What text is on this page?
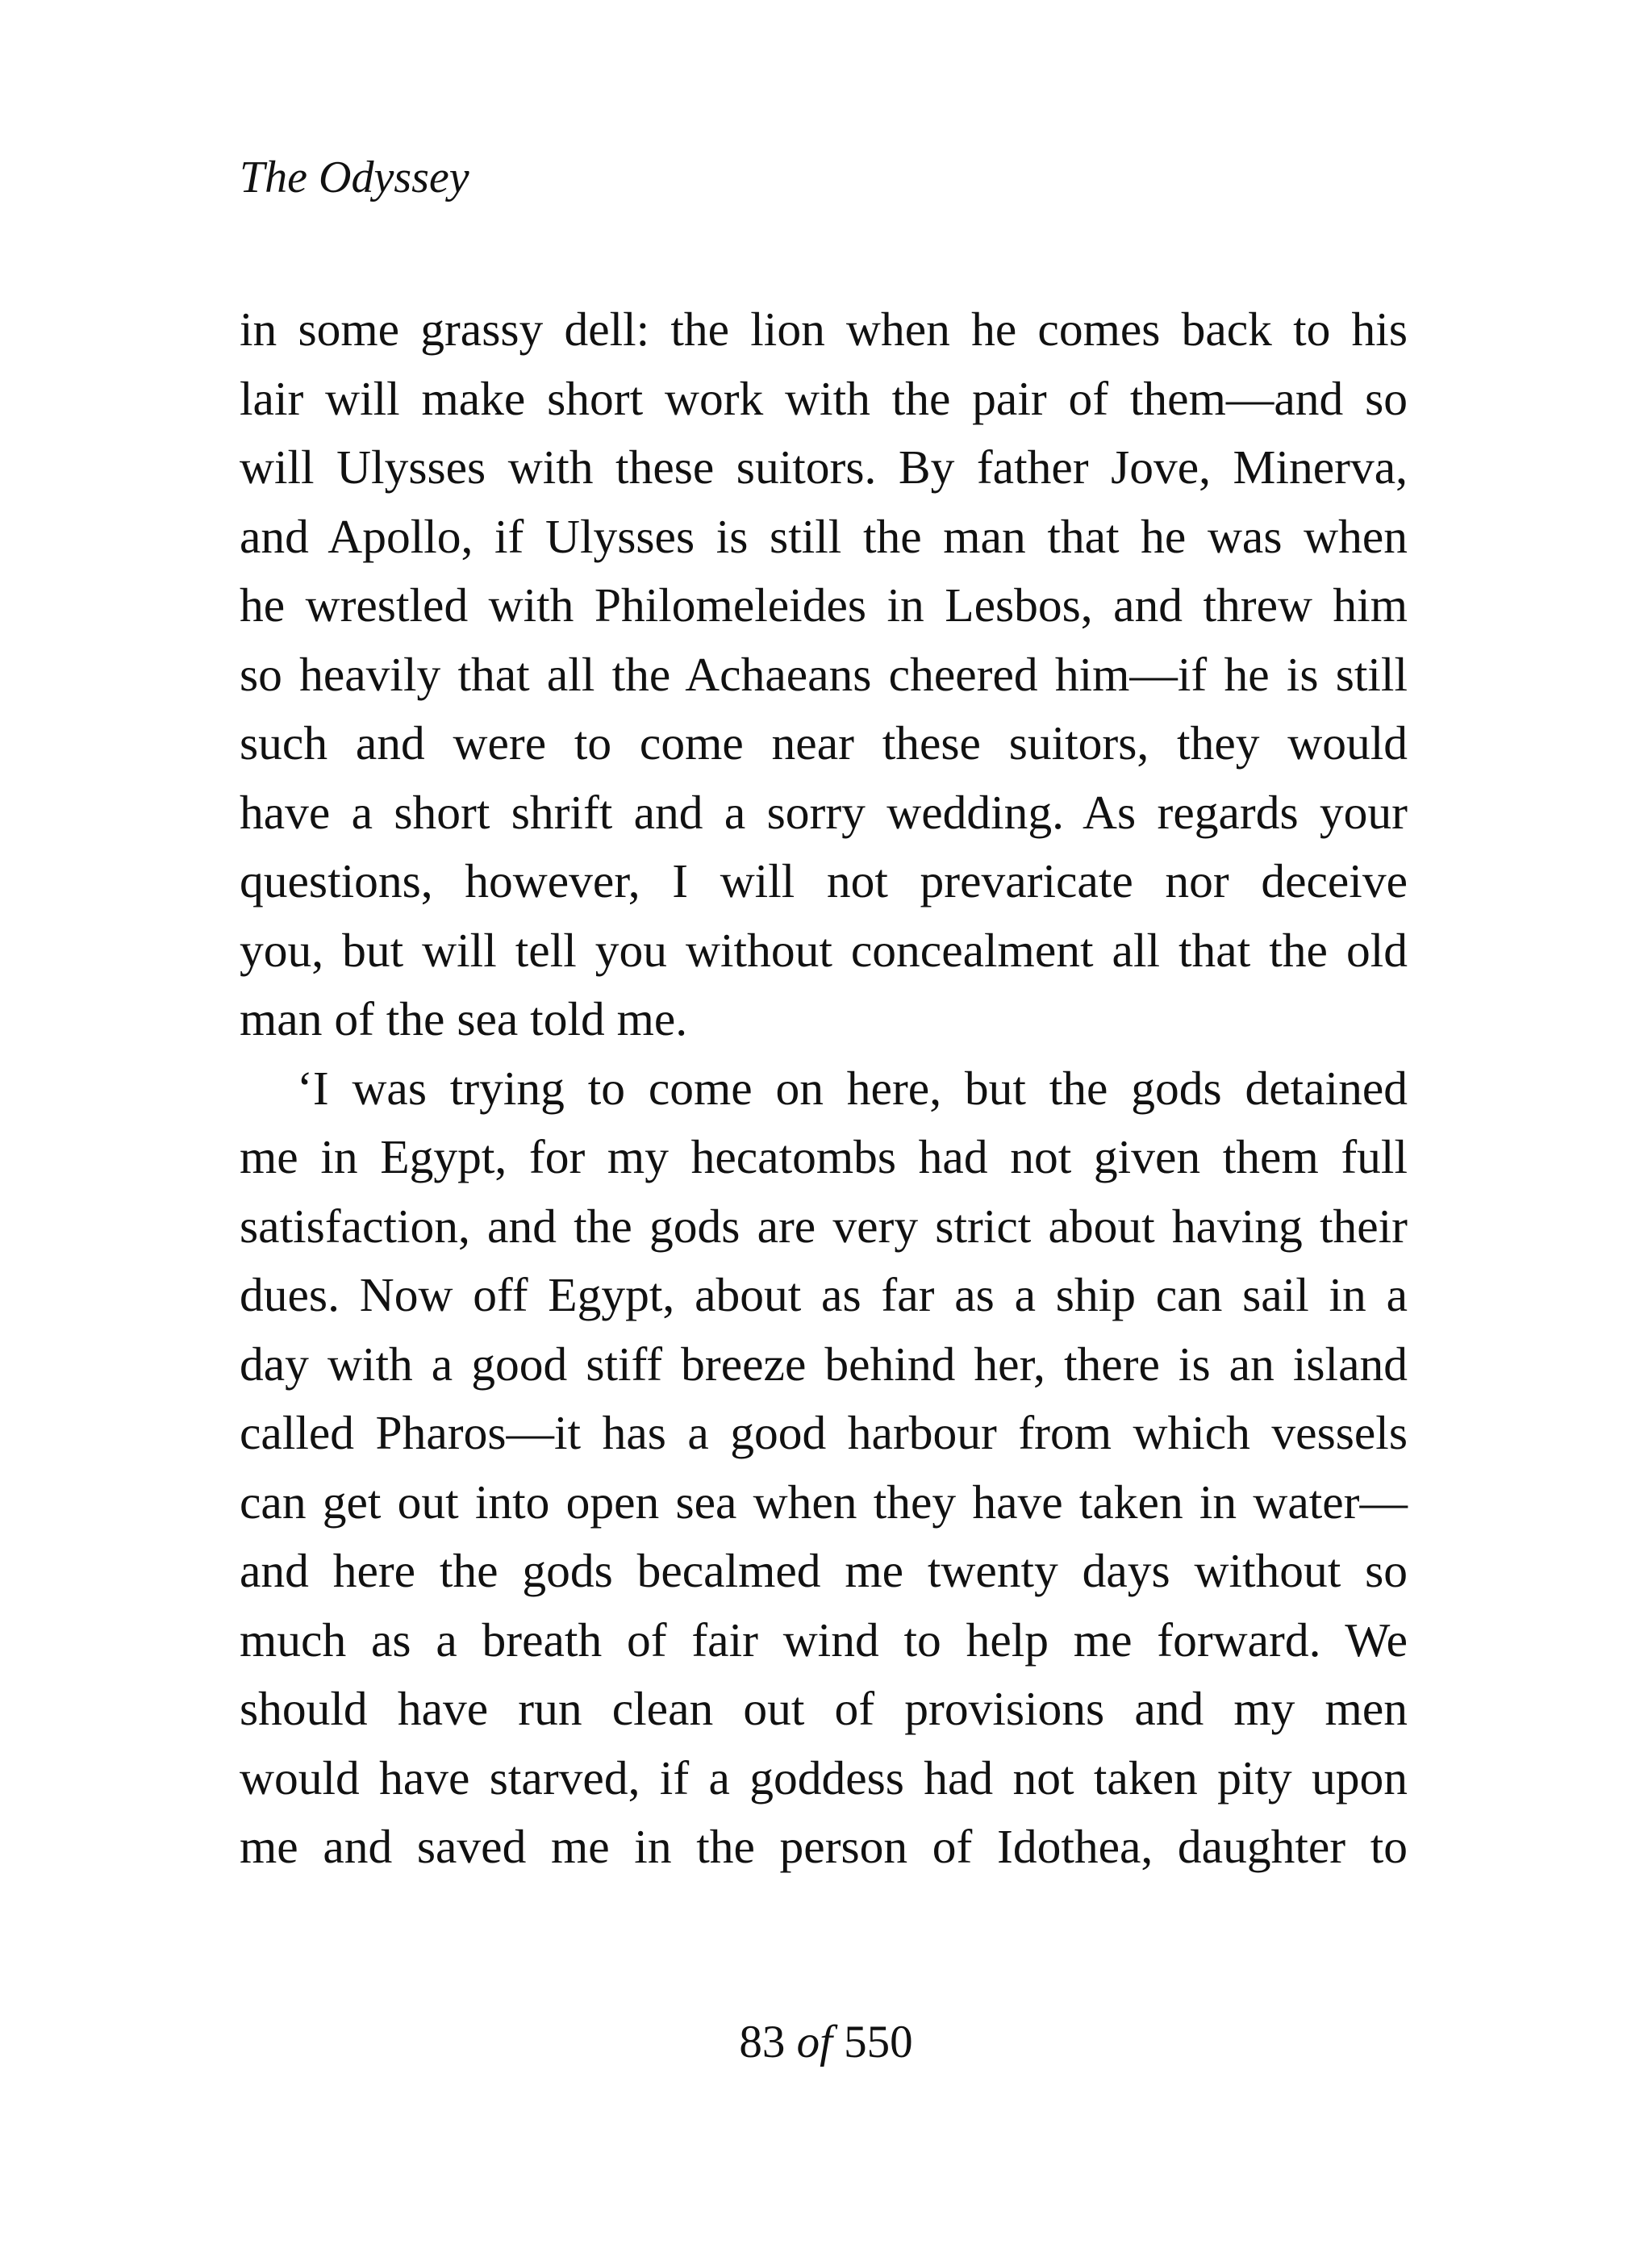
The Odyssey
in some grassy dell: the lion when he comes back to his
lair will make short work with the pair of them—and so
will Ulysses with these suitors. By father Jove, Minerva,
and Apollo, if Ulysses is still the man that he was when
he wrestled with Philomeleides in Lesbos, and threw him
so heavily that all the Achaeans cheered him—if he is still
such and were to come near these suitors, they would
have a short shrift and a sorry wedding. As regards your
questions, however, I will not prevaricate nor deceive
you, but will tell you without concealment all that the old
man of the sea told me.
‘I was trying to come on here, but the gods detained
me in Egypt, for my hecatombs had not given them full
satisfaction, and the gods are very strict about having their
dues. Now off Egypt, about as far as a ship can sail in a
day with a good stiff breeze behind her, there is an island
called Pharos—it has a good harbour from which vessels
can get out into open sea when they have taken in water—
and here the gods becalmed me twenty days without so
much as a breath of fair wind to help me forward. We
should have run clean out of provisions and my men
would have starved, if a goddess had not taken pity upon
me and saved me in the person of Idothea, daughter to
83 of 550
